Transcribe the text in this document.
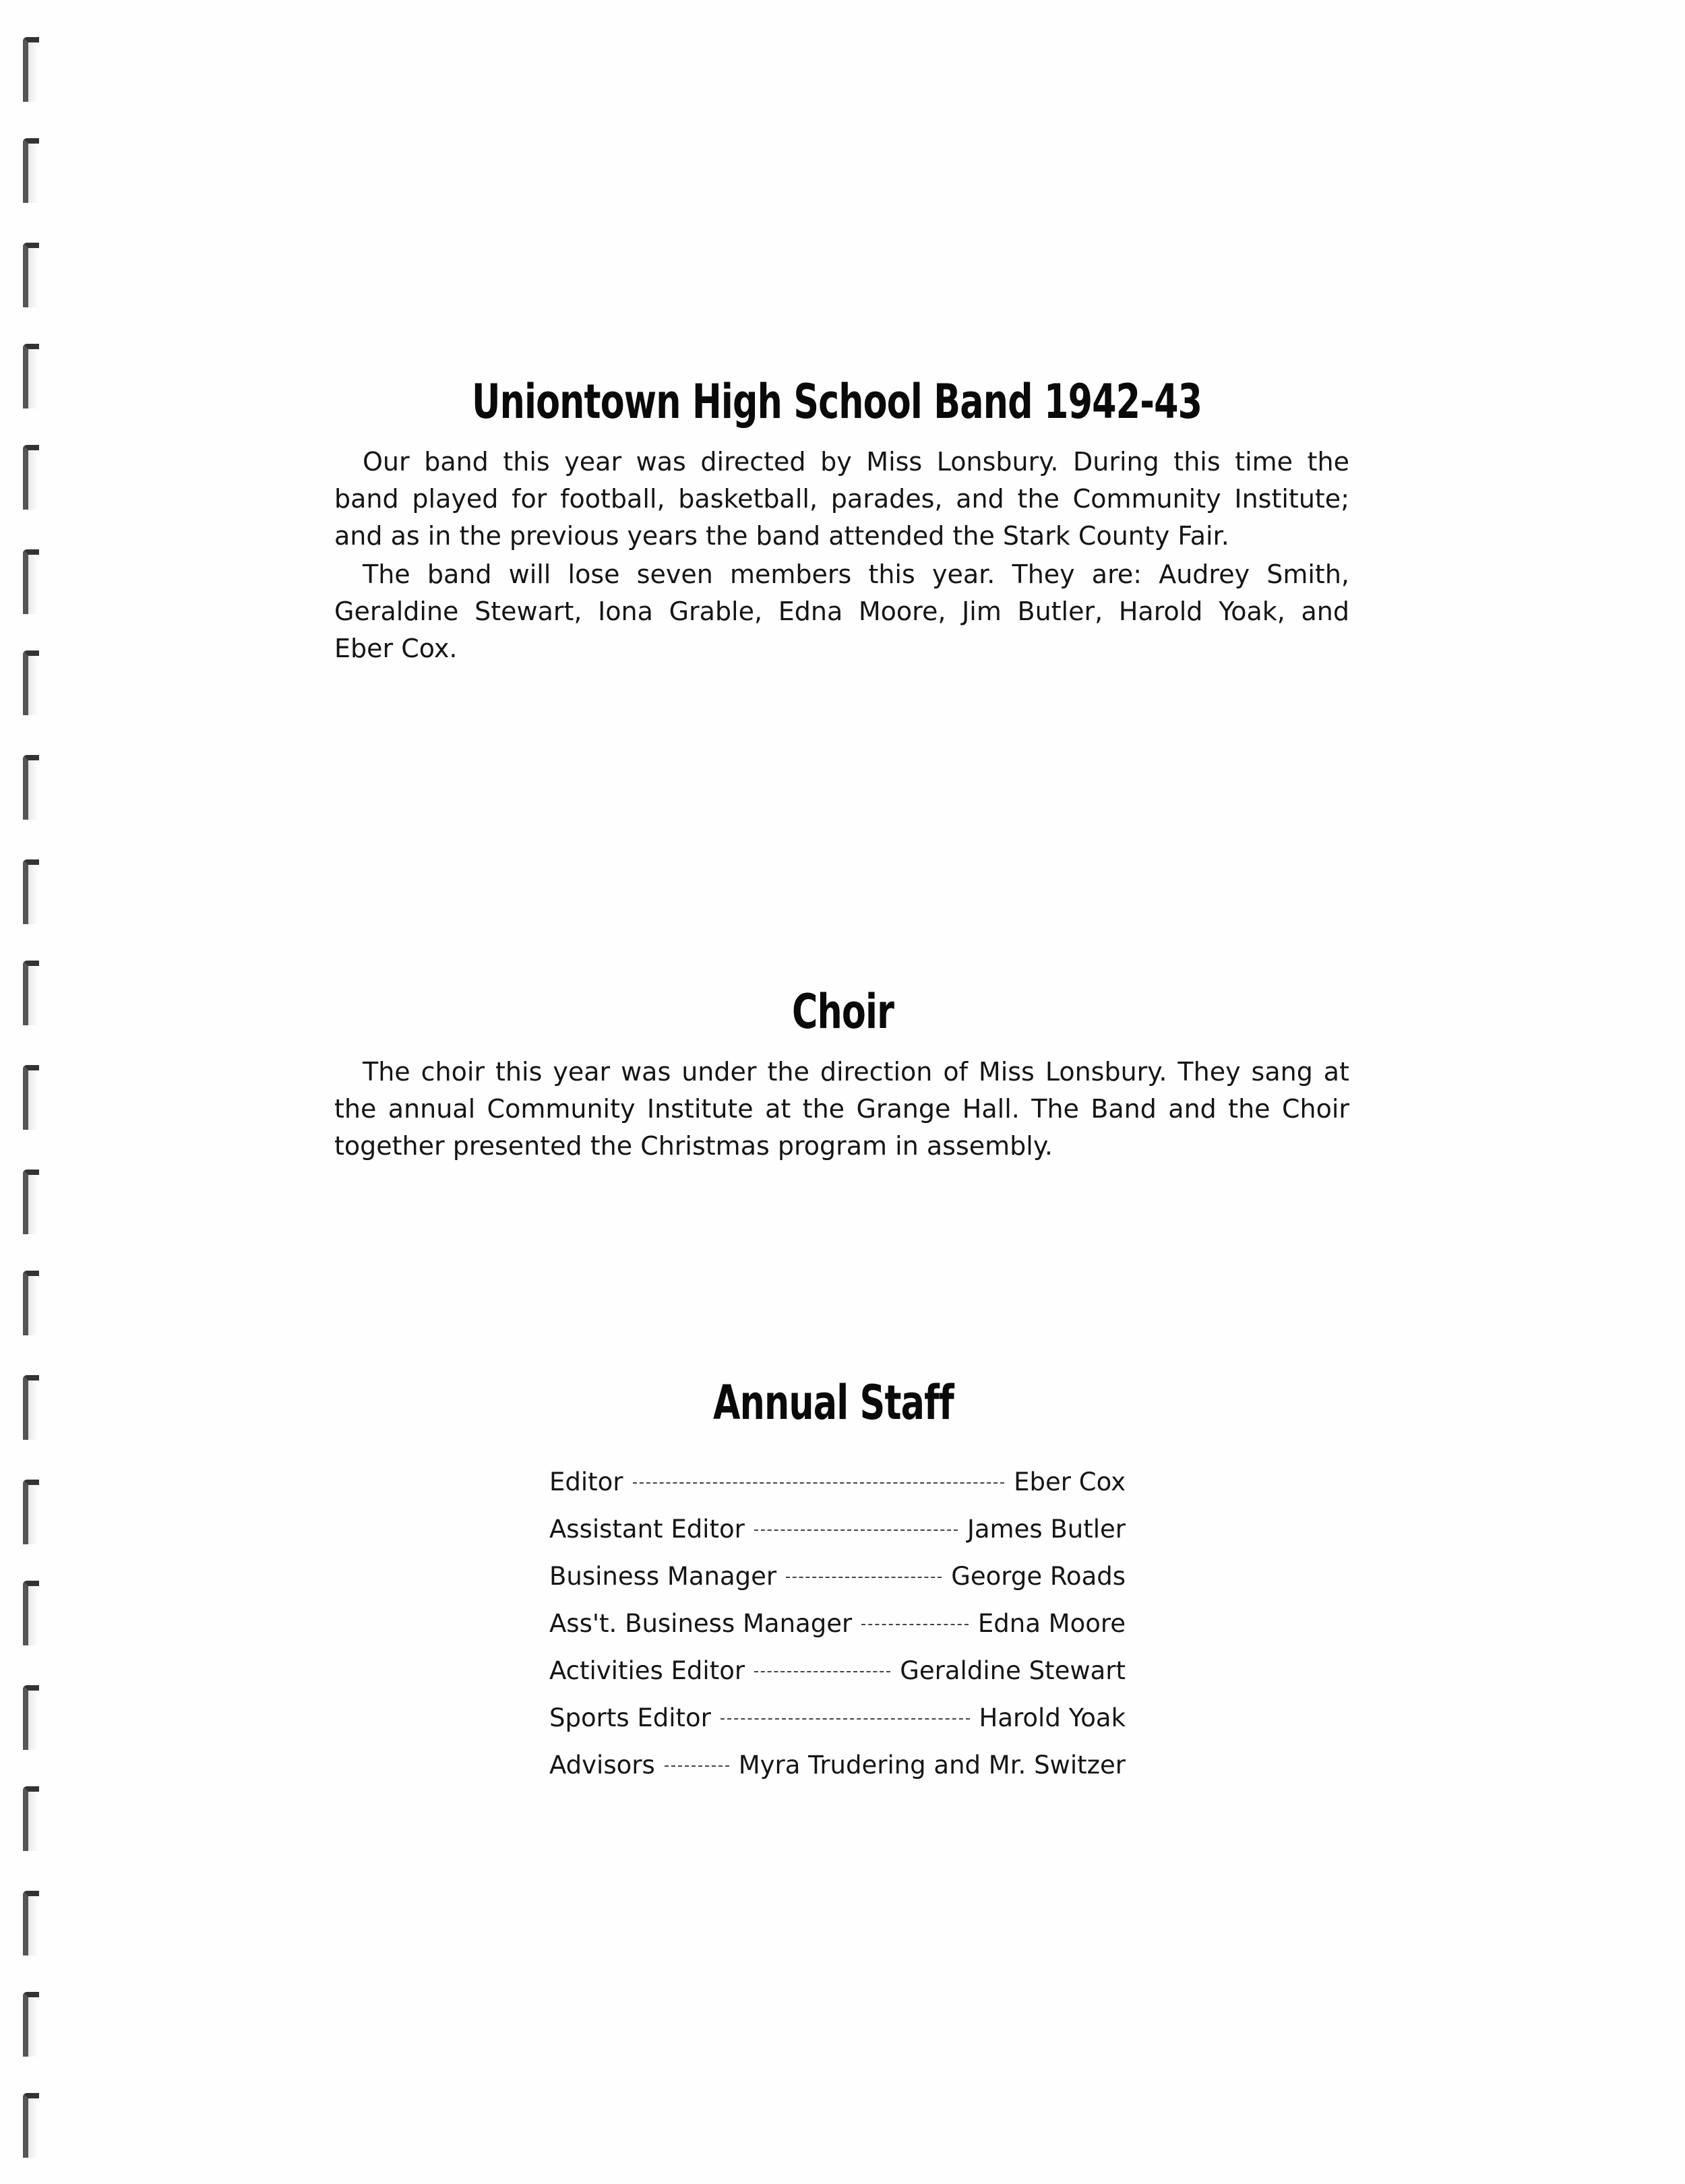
Uniontown High School Band 1942-43
Our band this year was directed by Miss Lonsbury. During this time the
band played for football, basketball, parades, and the Community Institute;
and as in the previous years the band attended the Stark County Fair.
The band will lose seven members this year. They are: Audrey Smith,
Geraldine Stewart, Iona Grable, Edna Moore, Jim Butler, Harold Yoak, and
Eber Cox.
Choir
The choir this year was under the direction of Miss Lonsbury. They sang at
the annual Community Institute at the Grange Hall. The Band and the Choir
together presented the Christmas program in assembly.
Annual Staff
Editor	Eber Cox
Assistant Editor	James Butler
Business Manager	George Roads
Ass't. Business Manager	Edna Moore
Activities Editor	Geraldine Stewart
Sports Editor	Harold Yoak
Advisors	Myra Trudering and Mr. Switzer
